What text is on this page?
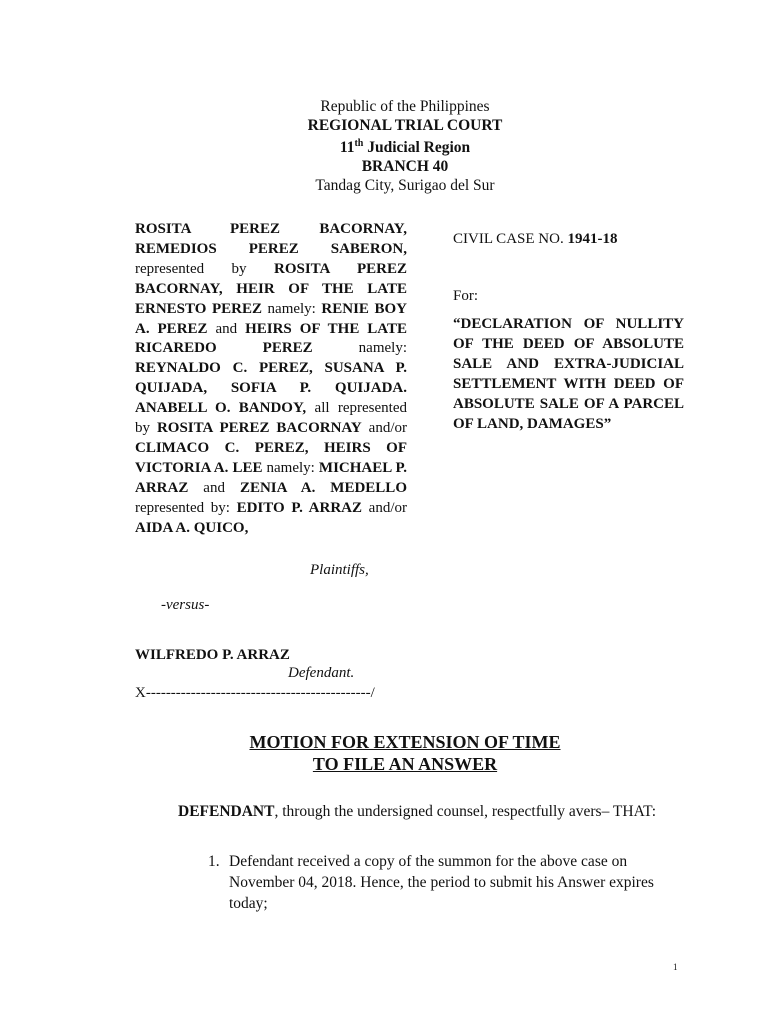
Republic of the Philippines
REGIONAL TRIAL COURT
11th Judicial Region
BRANCH 40
Tandag City, Surigao del Sur
ROSITA PEREZ BACORNAY, REMEDIOS PEREZ SABERON, represented by ROSITA PEREZ BACORNAY, HEIR OF THE LATE ERNESTO PEREZ namely: RENIE BOY A. PEREZ and HEIRS OF THE LATE RICAREDO PEREZ namely: REYNALDO C. PEREZ, SUSANA P. QUIJADA, SOFIA P. QUIJADA. ANABELL O. BANDOY, all represented by ROSITA PEREZ BACORNAY and/or CLIMACO C. PEREZ, HEIRS OF VICTORIA A. LEE namely: MICHAEL P. ARRAZ and ZENIA A. MEDELLO represented by: EDITO P. ARRAZ and/or AIDA A. QUICO,
Plaintiffs,
CIVIL CASE NO. 1941-18
For:
“DECLARATION OF NULLITY OF THE DEED OF ABSOLUTE SALE AND EXTRA-JUDICIAL SETTLEMENT WITH DEED OF ABSOLUTE SALE OF A PARCEL OF LAND, DAMAGES”
-versus-
WILFREDO P. ARRAZ
Defendant.
X---------------------------------------------/
MOTION FOR EXTENSION OF TIME
TO FILE AN ANSWER
DEFENDANT, through the undersigned counsel, respectfully avers– THAT:
1. Defendant received a copy of the summon for the above case on November 04, 2018. Hence, the period to submit his Answer expires today;
1
